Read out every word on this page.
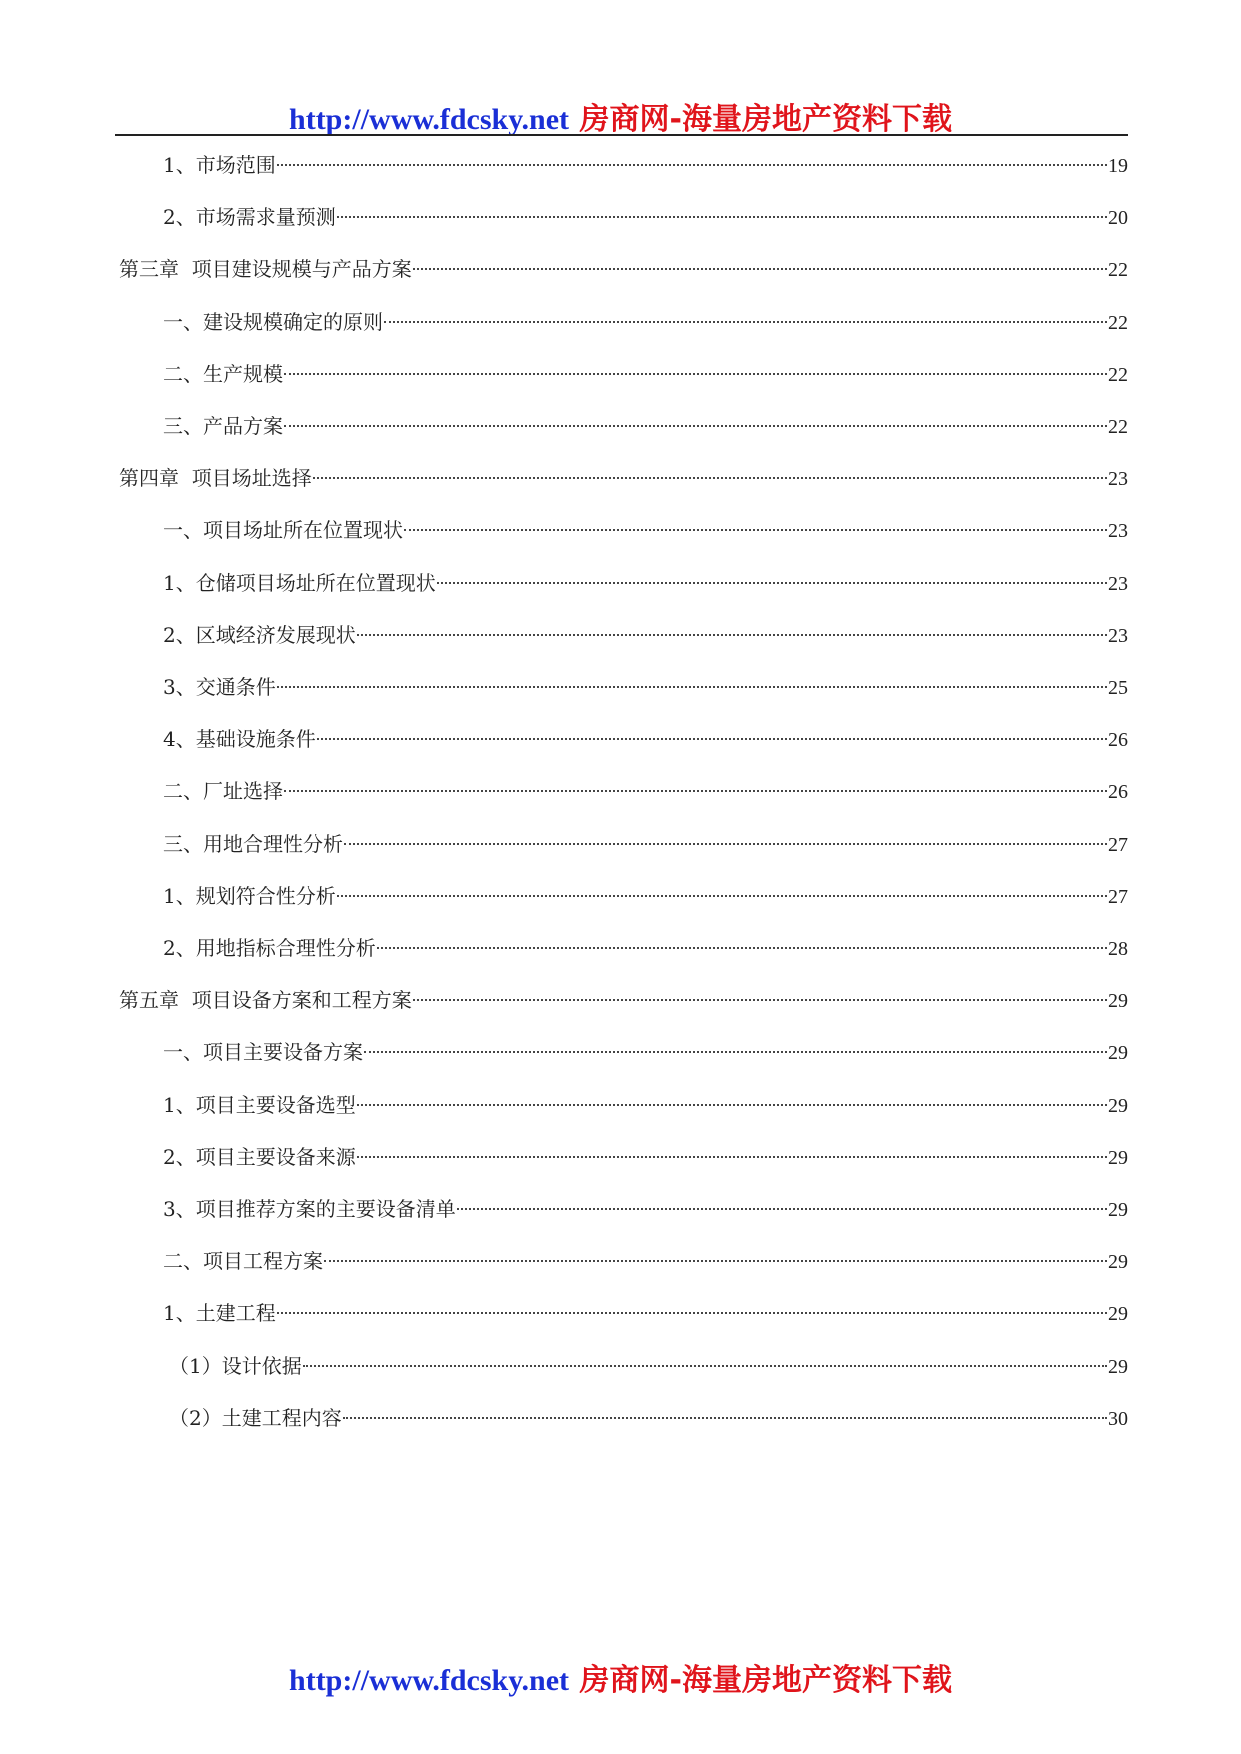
http://www.fdcsky.net 房商网-海量房地产资料下载
1、市场范围	19
2、市场需求量预测	20
第三章  项目建设规模与产品方案	22
一、建设规模确定的原则	22
二、生产规模	22
三、产品方案	22
第四章  项目场址选择	23
一、项目场址所在位置现状	23
1、仓储项目场址所在位置现状	23
2、区域经济发展现状	23
3、交通条件	25
4、基础设施条件	26
二、厂址选择	26
三、用地合理性分析	27
1、规划符合性分析	27
2、用地指标合理性分析	28
第五章  项目设备方案和工程方案	29
一、项目主要设备方案	29
1、项目主要设备选型	29
2、项目主要设备来源	29
3、项目推荐方案的主要设备清单	29
二、项目工程方案	29
1、土建工程	29
（1）设计依据	29
（2）土建工程内容	30
http://www.fdcsky.net 房商网-海量房地产资料下载
